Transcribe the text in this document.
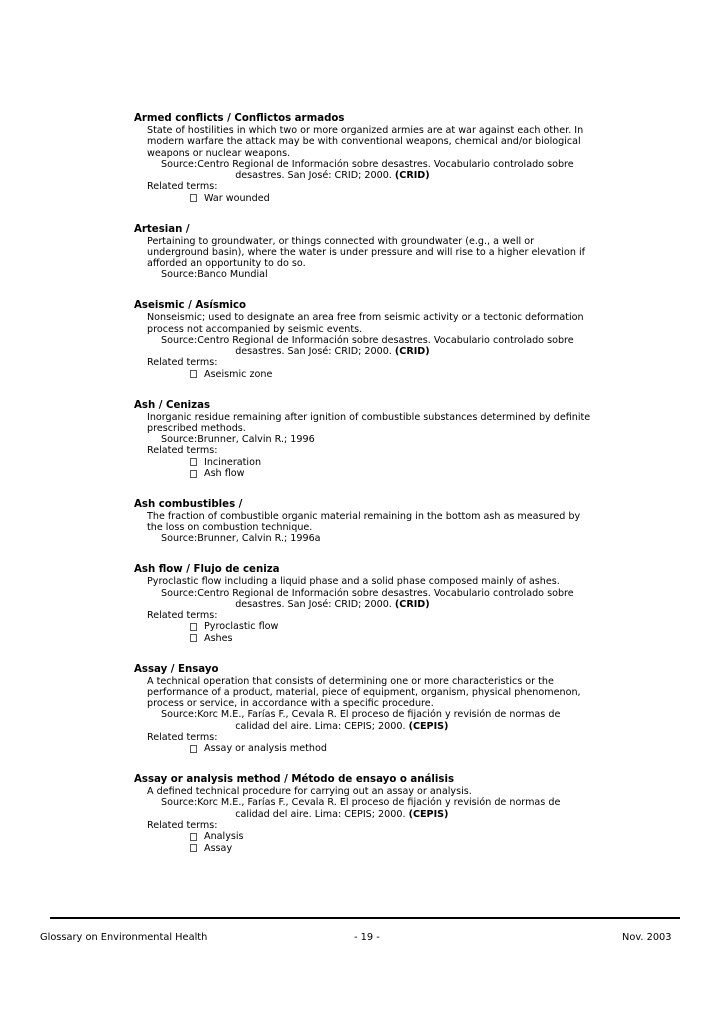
Armed conflicts / Conflictos armados
State of hostilities in which two or more organized armies are at war against each other. In
modern warfare the attack may be with conventional weapons, chemical and/or biological
weapons or nuclear weapons.
Source: Centro Regional de Información sobre desastres. Vocabulario controlado sobre
desastres. San José: CRID; 2000. (CRID)
Related terms:
War wounded
Artesian /
Pertaining to groundwater, or things connected with groundwater (e.g., a well or
underground basin), where the water is under pressure and will rise to a higher elevation if
afforded an opportunity to do so.
Source: Banco Mundial
Aseismic / Asísmico
Nonseismic; used to designate an area free from seismic activity or a tectonic deformation
process not accompanied by seismic events.
Source: Centro Regional de Información sobre desastres. Vocabulario controlado sobre
desastres. San José: CRID; 2000. (CRID)
Related terms:
Aseismic zone
Ash / Cenizas
Inorganic residue remaining after ignition of combustible substances determined by definite
prescribed methods.
Source: Brunner, Calvin R.; 1996
Related terms:
Incineration
Ash flow
Ash combustibles /
The fraction of combustible organic material remaining in the bottom ash as measured by
the loss on combustion technique.
Source: Brunner, Calvin R.; 1996a
Ash flow / Flujo de ceniza
Pyroclastic flow including a liquid phase and a solid phase composed mainly of ashes.
Source: Centro Regional de Información sobre desastres. Vocabulario controlado sobre
desastres. San José: CRID; 2000. (CRID)
Related terms:
Pyroclastic flow
Ashes
Assay / Ensayo
A technical operation that consists of determining one or more characteristics or the
performance of a product, material, piece of equipment, organism, physical phenomenon,
process or service, in accordance with a specific procedure.
Source: Korc M.E., Farías F., Cevala R. El proceso de fijación y revisión de normas de
calidad del aire. Lima: CEPIS; 2000. (CEPIS)
Related terms:
Assay or analysis method
Assay or analysis method / Método de ensayo o análisis
A defined technical procedure for carrying out an assay or analysis.
Source: Korc M.E., Farías F., Cevala R. El proceso de fijación y revisión de normas de
calidad del aire. Lima: CEPIS; 2000. (CEPIS)
Related terms:
Analysis
Assay
Glossary on Environmental Health	- 19 -	Nov. 2003
